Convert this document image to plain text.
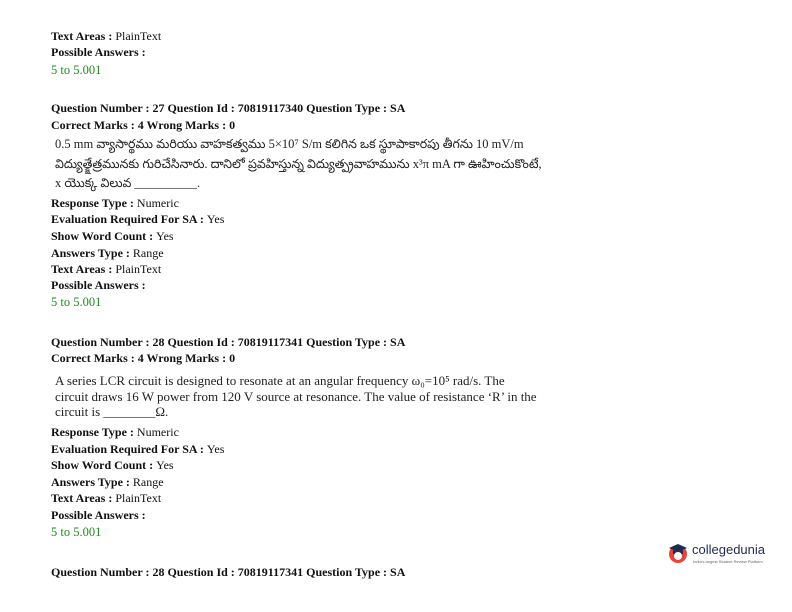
Text Areas : PlainText
Possible Answers :
5 to 5.001
Question Number : 27 Question Id : 70819117340 Question Type : SA
Correct Marks : 4 Wrong Marks : 0
0.5 mm వ్యాసార్థము మరియు వాహకత్వము 5×10⁷ S/m కలిగిన ఒక స్థూపాకారపు తీగను 10 mV/m
విద్యుత్క్షేత్రమునకు గురిచేసినారు. దానిలో ప్రవహిస్తున్న విద్యుత్ప్రవాహమును x³π mA గా ఊహించుకొంటే,
x యొక్క విలువ __________.
Response Type : Numeric
Evaluation Required For SA : Yes
Show Word Count : Yes
Answers Type : Range
Text Areas : PlainText
Possible Answers :
5 to 5.001
Question Number : 28 Question Id : 70819117341 Question Type : SA
Correct Marks : 4 Wrong Marks : 0
A series LCR circuit is designed to resonate at an angular frequency ω₀=10⁵ rad/s. The
circuit draws 16 W power from 120 V source at resonance. The value of resistance ‘R’ in the
circuit is ________Ω.
Response Type : Numeric
Evaluation Required For SA : Yes
Show Word Count : Yes
Answers Type : Range
Text Areas : PlainText
Possible Answers :
5 to 5.001
Question Number : 28 Question Id : 70819117341 Question Type : SA
collegedunia
India's largest Student Review Platform
